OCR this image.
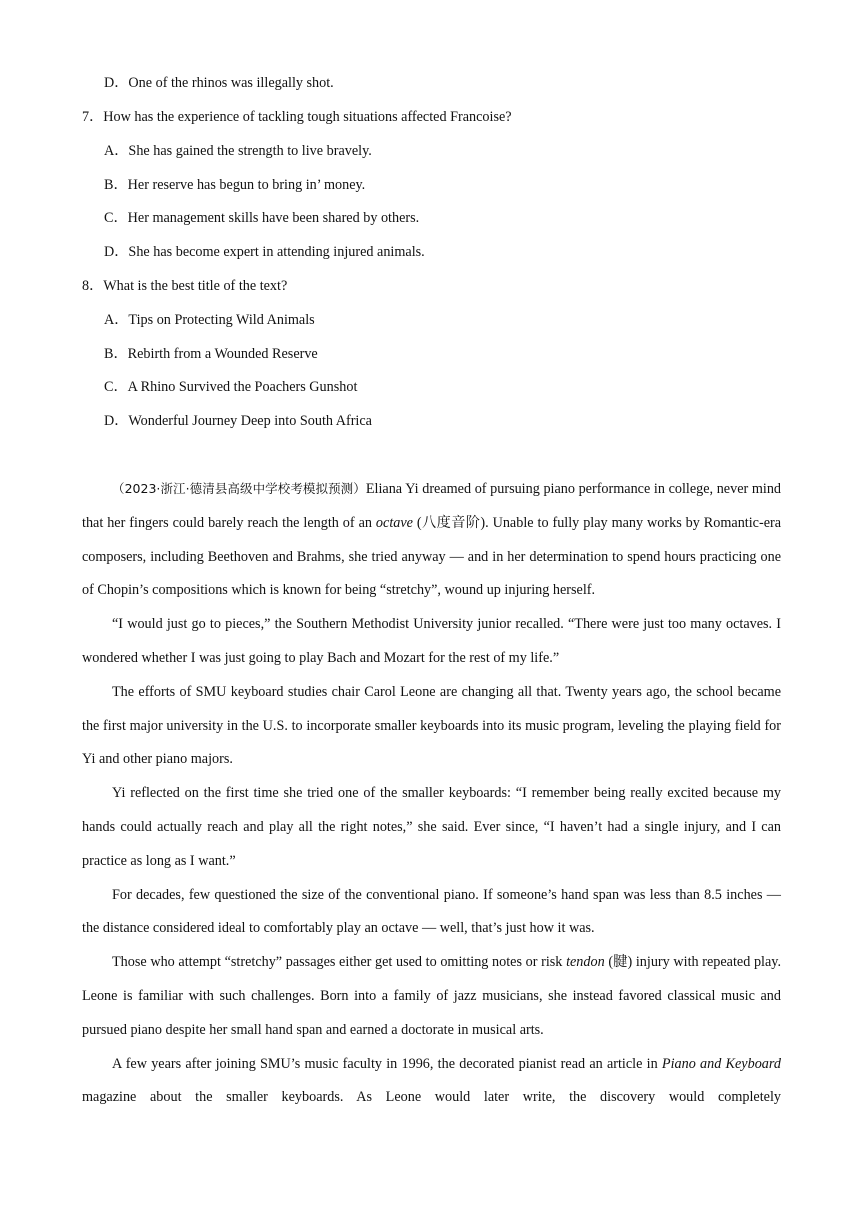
D．One of the rhinos was illegally shot.
7．How has the experience of tackling tough situations affected Francoise?
A．She has gained the strength to live bravely.
B．Her reserve has begun to bring in’ money.
C．Her management skills have been shared by others.
D．She has become expert in attending injured animals.
8．What is the best title of the text?
A．Tips on Protecting Wild Animals
B．Rebirth from a Wounded Reserve
C．A Rhino Survived the Poachers Gunshot
D．Wonderful Journey Deep into South Africa

（2023·浙江·德清县高级中学校考模拟预测）Eliana Yi dreamed of pursuing piano performance in college, never mind that her fingers could barely reach the length of an octave (八度音阶). Unable to fully play many works by Romantic-era composers, including Beethoven and Brahms, she tried anyway — and in her determination to spend hours practicing one of Chopin’s compositions which is known for being “stretchy”, wound up injuring herself.

“I would just go to pieces,” the Southern Methodist University junior recalled. “There were just too many octaves. I wondered whether I was just going to play Bach and Mozart for the rest of my life.”

The efforts of SMU keyboard studies chair Carol Leone are changing all that. Twenty years ago, the school became the first major university in the U.S. to incorporate smaller keyboards into its music program, leveling the playing field for Yi and other piano majors.

Yi reflected on the first time she tried one of the smaller keyboards: “I remember being really excited because my hands could actually reach and play all the right notes,” she said. Ever since, “I haven’t had a single injury, and I can practice as long as I want.”

For decades, few questioned the size of the conventional piano. If someone’s hand span was less than 8.5 inches — the distance considered ideal to comfortably play an octave — well, that’s just how it was.

Those who attempt “stretchy” passages either get used to omitting notes or risk tendon (腱) injury with repeated play. Leone is familiar with such challenges. Born into a family of jazz musicians, she instead favored classical music and pursued piano despite her small hand span and earned a doctorate in musical arts.

A few years after joining SMU’s music faculty in 1996, the decorated pianist read an article in Piano and Keyboard magazine about the smaller keyboards. As Leone would later write, the discovery would completely
